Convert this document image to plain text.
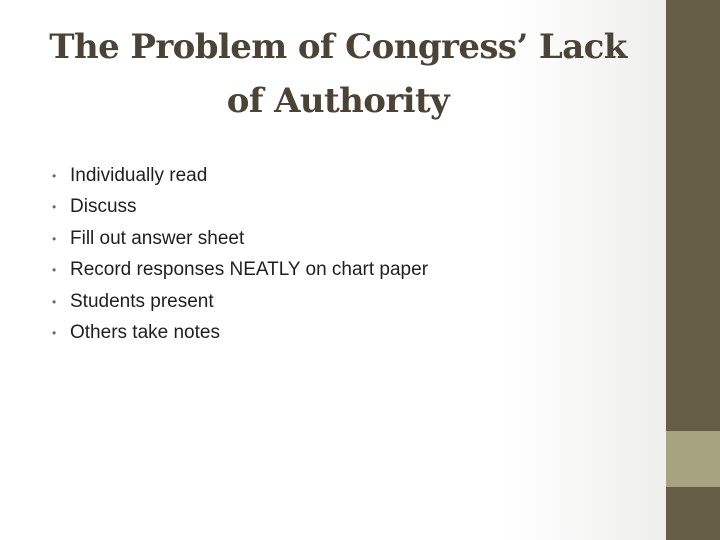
The Problem of Congress’ Lack of Authority
• Individually read
• Discuss
• Fill out answer sheet
• Record responses NEATLY on chart paper
• Students present
• Others take notes
